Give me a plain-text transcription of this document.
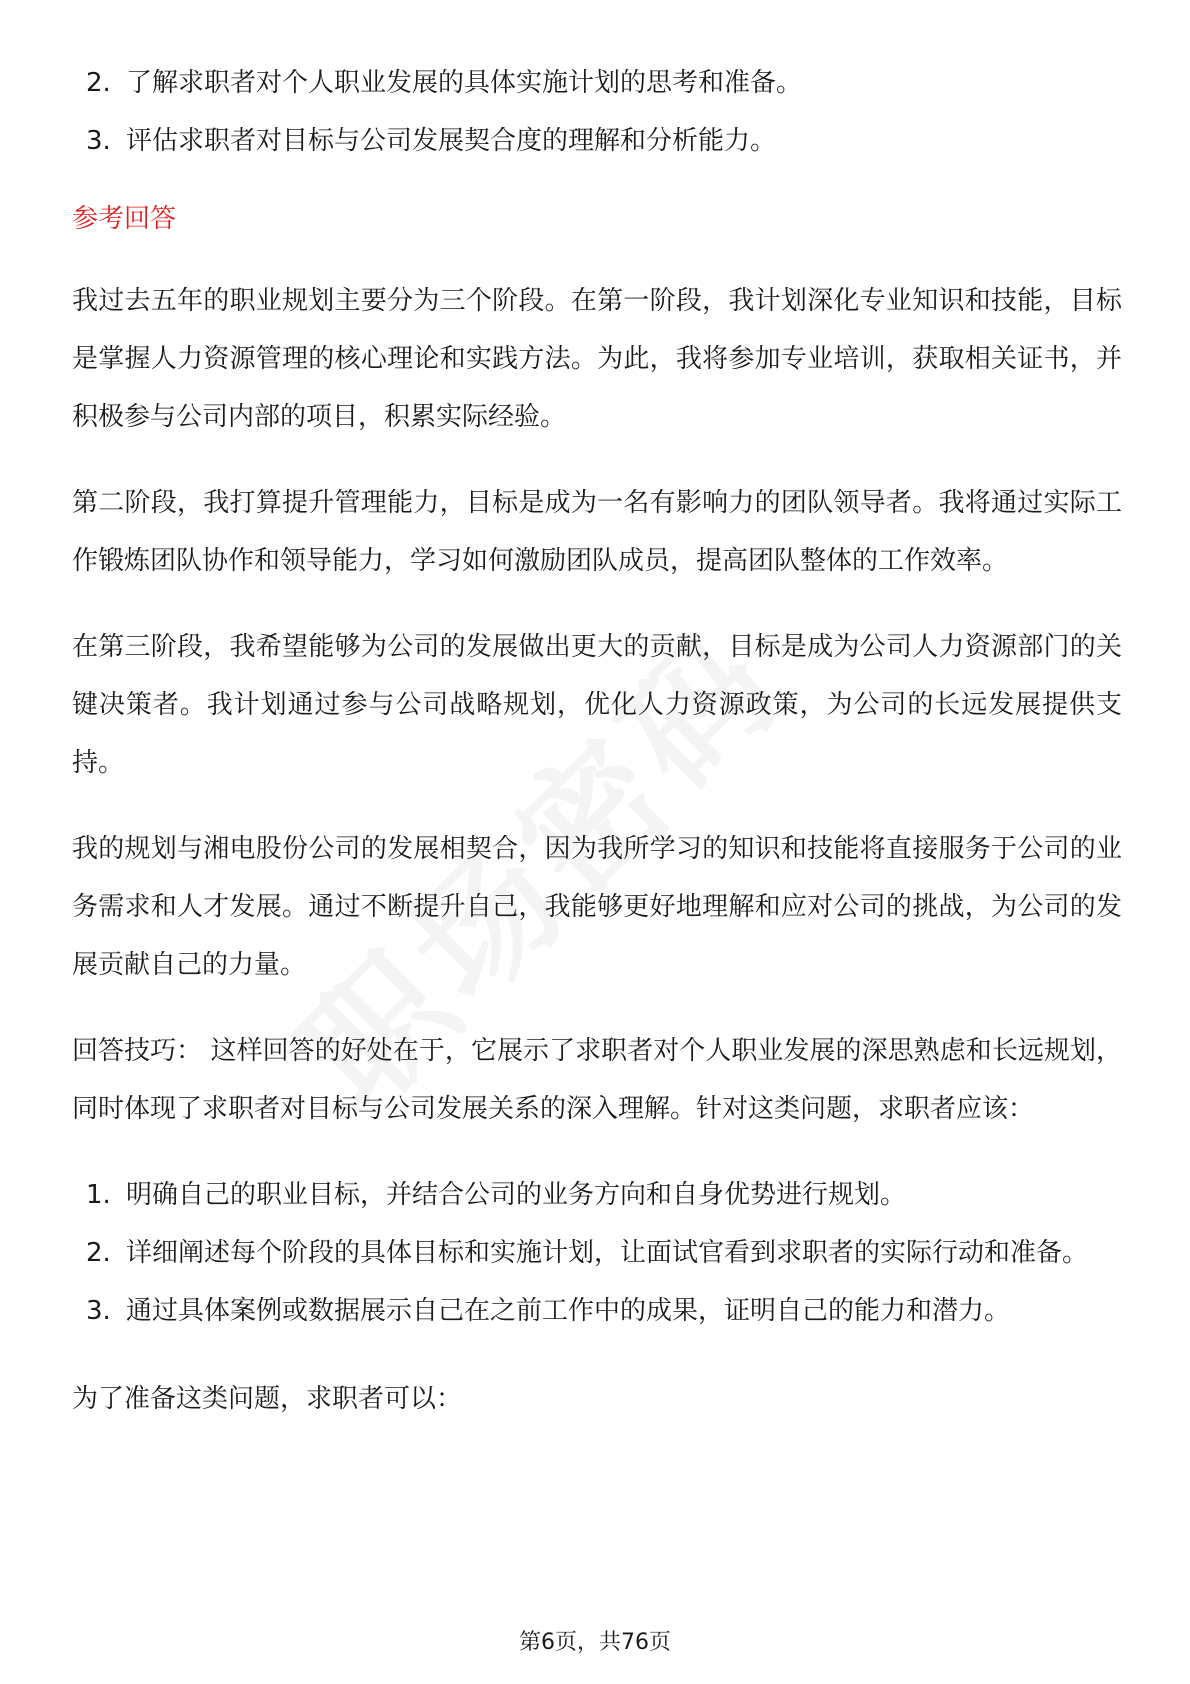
2. 了解求职者对个人职业发展的具体实施计划的思考和准备。
3. 评估求职者对目标与公司发展契合度的理解和分析能力。
参考回答

我过去五年的职业规划主要分为三个阶段。在第一阶段，我计划深化专业知识和技能，目标是掌握人力资源管理的核心理论和实践方法。为此，我将参加专业培训，获取相关证书，并积极参与公司内部的项目，积累实际经验。

第二阶段，我打算提升管理能力，目标是成为一名有影响力的团队领导者。我将通过实际工作锻炼团队协作和领导能力，学习如何激励团队成员，提高团队整体的工作效率。

在第三阶段，我希望能够为公司的发展做出更大的贡献，目标是成为公司人力资源部门的关键决策者。我计划通过参与公司战略规划，优化人力资源政策，为公司的长远发展提供支持。

我的规划与湘电股份公司的发展相契合，因为我所学习的知识和技能将直接服务于公司的业务需求和人才发展。通过不断提升自己，我能够更好地理解和应对公司的挑战，为公司的发展贡献自己的力量。

回答技巧： 这样回答的好处在于，它展示了求职者对个人职业发展的深思熟虑和长远规划，同时体现了求职者对目标与公司发展关系的深入理解。针对这类问题，求职者应该：

1. 明确自己的职业目标，并结合公司的业务方向和自身优势进行规划。
2. 详细阐述每个阶段的具体目标和实施计划，让面试官看到求职者的实际行动和准备。
3. 通过具体案例或数据展示自己在之前工作中的成果，证明自己的能力和潜力。

为了准备这类问题，求职者可以：

第6页，共76页
